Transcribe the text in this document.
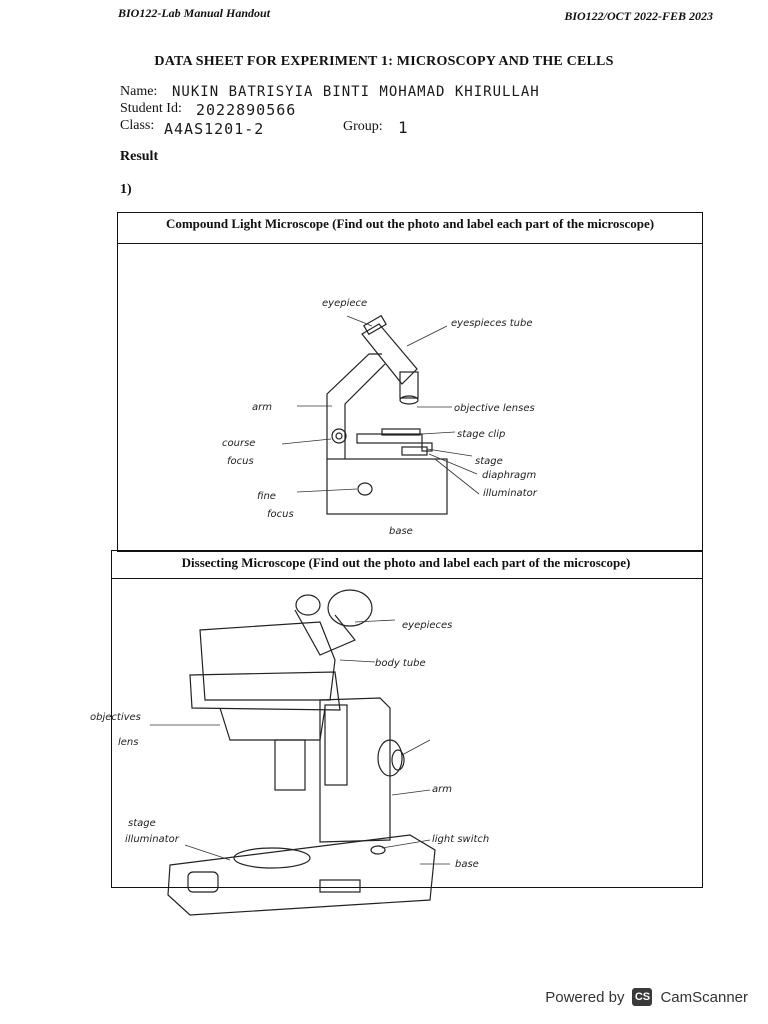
BIO122-Lab Manual Handout	BIO122/OCT 2022-FEB 2023
DATA SHEET FOR EXPERIMENT 1: MICROSCOPY AND THE CELLS
Name: NUKIN BATRISYIA BINTI MOHAMAD KHIRULLAH
Student Id: 2022890566
Class: A4AS1201-2	Group: 1
Result
1)
Compound Light Microscope (Find out the photo and label each part of the microscope)
eyepiece
eyespieces tube
arm	objective lenses
stage clip
course
focus	stage
diaphragm
illuminator
fine
focus
base
Dissecting Microscope (Find out the photo and label each part of the microscope)
eyepieces
body tube
objectives
lens
arm
stage
illuminator	light switch
base
Powered by CS CamScanner
